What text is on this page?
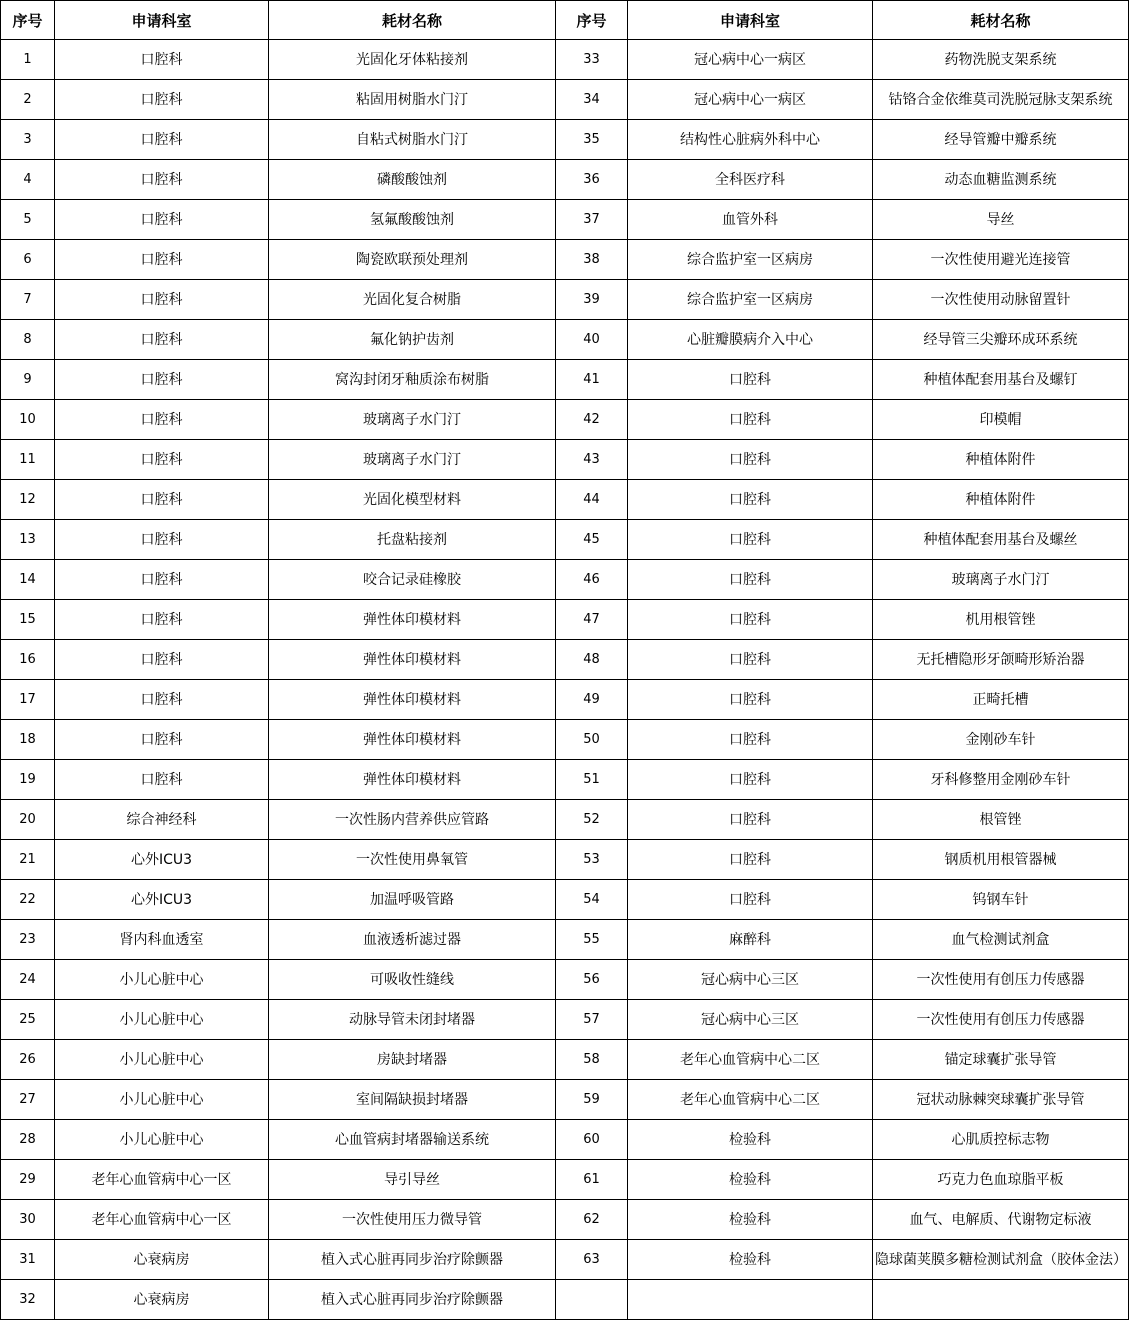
序号	申请科室	耗材名称	序号	申请科室	耗材名称
1	口腔科	光固化牙体粘接剂	33	冠心病中心一病区	药物洗脱支架系统
2	口腔科	粘固用树脂水门汀	34	冠心病中心一病区	钴铬合金依维莫司洗脱冠脉支架系统
3	口腔科	自粘式树脂水门汀	35	结构性心脏病外科中心	经导管瓣中瓣系统
4	口腔科	磷酸酸蚀剂	36	全科医疗科	动态血糖监测系统
5	口腔科	氢氟酸酸蚀剂	37	血管外科	导丝
6	口腔科	陶瓷欧联预处理剂	38	综合监护室一区病房	一次性使用避光连接管
7	口腔科	光固化复合树脂	39	综合监护室一区病房	一次性使用动脉留置针
8	口腔科	氟化钠护齿剂	40	心脏瓣膜病介入中心	经导管三尖瓣环成环系统
9	口腔科	窝沟封闭牙釉质涂布树脂	41	口腔科	种植体配套用基台及螺钉
10	口腔科	玻璃离子水门汀	42	口腔科	印模帽
11	口腔科	玻璃离子水门汀	43	口腔科	种植体附件
12	口腔科	光固化模型材料	44	口腔科	种植体附件
13	口腔科	托盘粘接剂	45	口腔科	种植体配套用基台及螺丝
14	口腔科	咬合记录硅橡胶	46	口腔科	玻璃离子水门汀
15	口腔科	弹性体印模材料	47	口腔科	机用根管锉
16	口腔科	弹性体印模材料	48	口腔科	无托槽隐形牙颌畸形矫治器
17	口腔科	弹性体印模材料	49	口腔科	正畸托槽
18	口腔科	弹性体印模材料	50	口腔科	金刚砂车针
19	口腔科	弹性体印模材料	51	口腔科	牙科修整用金刚砂车针
20	综合神经科	一次性肠内营养供应管路	52	口腔科	根管锉
21	心外ICU3	一次性使用鼻氧管	53	口腔科	钢质机用根管器械
22	心外ICU3	加温呼吸管路	54	口腔科	钨钢车针
23	肾内科血透室	血液透析滤过器	55	麻醉科	血气检测试剂盒
24	小儿心脏中心	可吸收性缝线	56	冠心病中心三区	一次性使用有创压力传感器
25	小儿心脏中心	动脉导管未闭封堵器	57	冠心病中心三区	一次性使用有创压力传感器
26	小儿心脏中心	房缺封堵器	58	老年心血管病中心二区	锚定球囊扩张导管
27	小儿心脏中心	室间隔缺损封堵器	59	老年心血管病中心二区	冠状动脉棘突球囊扩张导管
28	小儿心脏中心	心血管病封堵器输送系统	60	检验科	心肌质控标志物
29	老年心血管病中心一区	导引导丝	61	检验科	巧克力色血琼脂平板
30	老年心血管病中心一区	一次性使用压力微导管	62	检验科	血气、电解质、代谢物定标液
31	心衰病房	植入式心脏再同步治疗除颤器	63	检验科	隐球菌荚膜多糖检测试剂盒（胶体金法）
32	心衰病房	植入式心脏再同步治疗除颤器			
